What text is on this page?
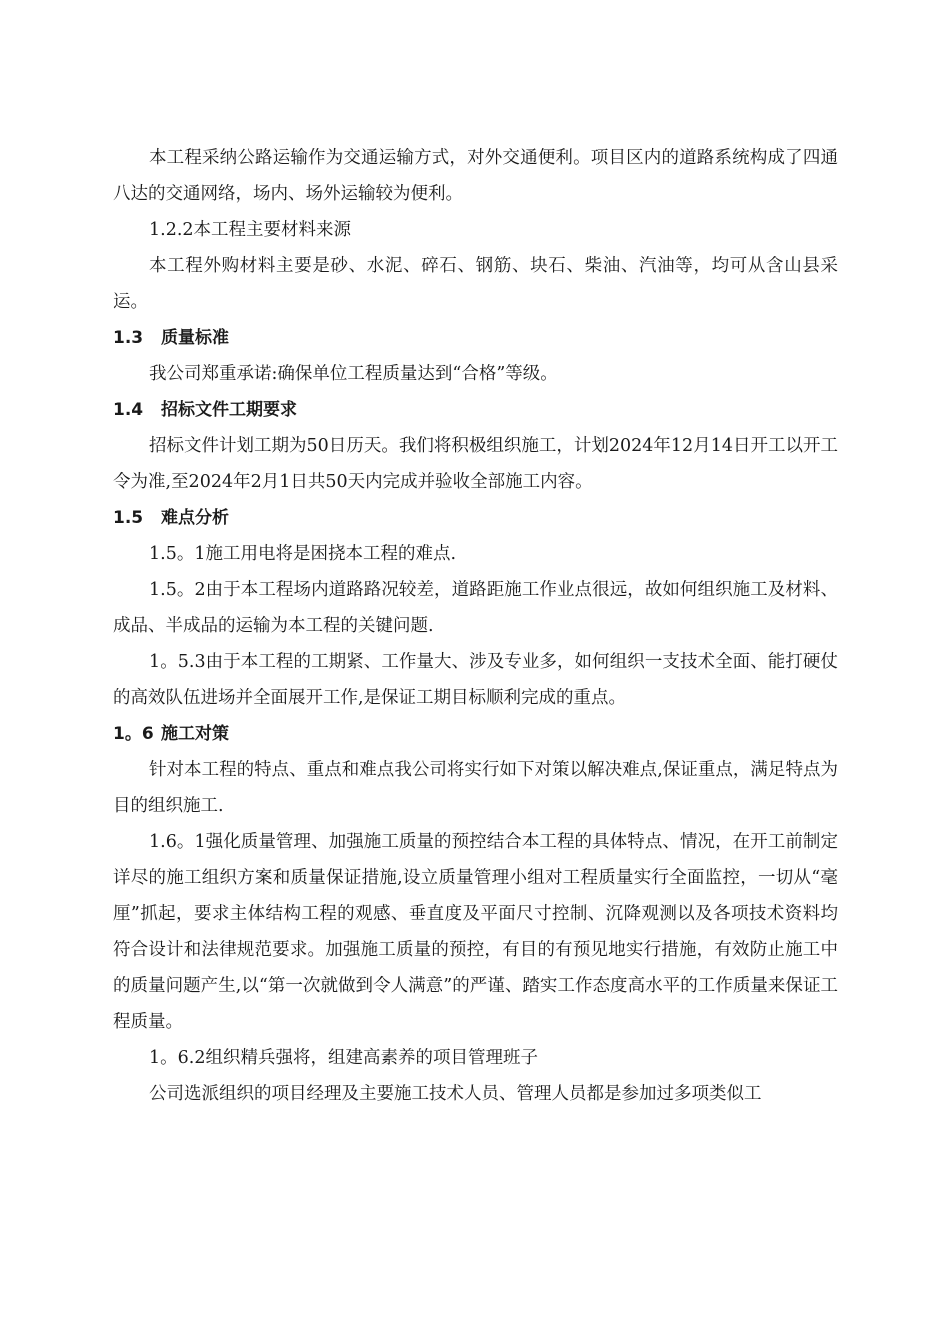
本工程采纳公路运输作为交通运输方式，对外交通便利。项目区内的道路系统构成了四通八达的交通网络，场内、场外运输较为便利。

1.2.2本工程主要材料来源

本工程外购材料主要是砂、水泥、碎石、钢筋、块石、柴油、汽油等，均可从含山县采运。

1.3 质量标准

我公司郑重承诺:确保单位工程质量达到“合格”等级。

1.4 招标文件工期要求

招标文件计划工期为50日历天。我们将积极组织施工，计划2024年12月14日开工以开工令为准,至2024年2月1日共50天内完成并验收全部施工内容。

1.5 难点分析

1.5。1施工用电将是困挠本工程的难点.

1.5。2由于本工程场内道路路况较差，道路距施工作业点很远，故如何组织施工及材料、成品、半成品的运输为本工程的关键问题.

1。5.3由于本工程的工期紧、工作量大、涉及专业多，如何组织一支技术全面、能打硬仗的高效队伍进场并全面展开工作,是保证工期目标顺利完成的重点。

1。6 施工对策

针对本工程的特点、重点和难点我公司将实行如下对策以解决难点,保证重点，满足特点为目的组织施工.

1.6。1强化质量管理、加强施工质量的预控结合本工程的具体特点、情况，在开工前制定详尽的施工组织方案和质量保证措施,设立质量管理小组对工程质量实行全面监控，一切从“毫厘”抓起，要求主体结构工程的观感、垂直度及平面尺寸控制、沉降观测以及各项技术资料均符合设计和法律规范要求。加强施工质量的预控，有目的有预见地实行措施，有效防止施工中的质量问题产生,以“第一次就做到令人满意”的严谨、踏实工作态度高水平的工作质量来保证工程质量。

1。6.2组织精兵强将，组建高素养的项目管理班子

公司选派组织的项目经理及主要施工技术人员、管理人员都是参加过多项类似工
